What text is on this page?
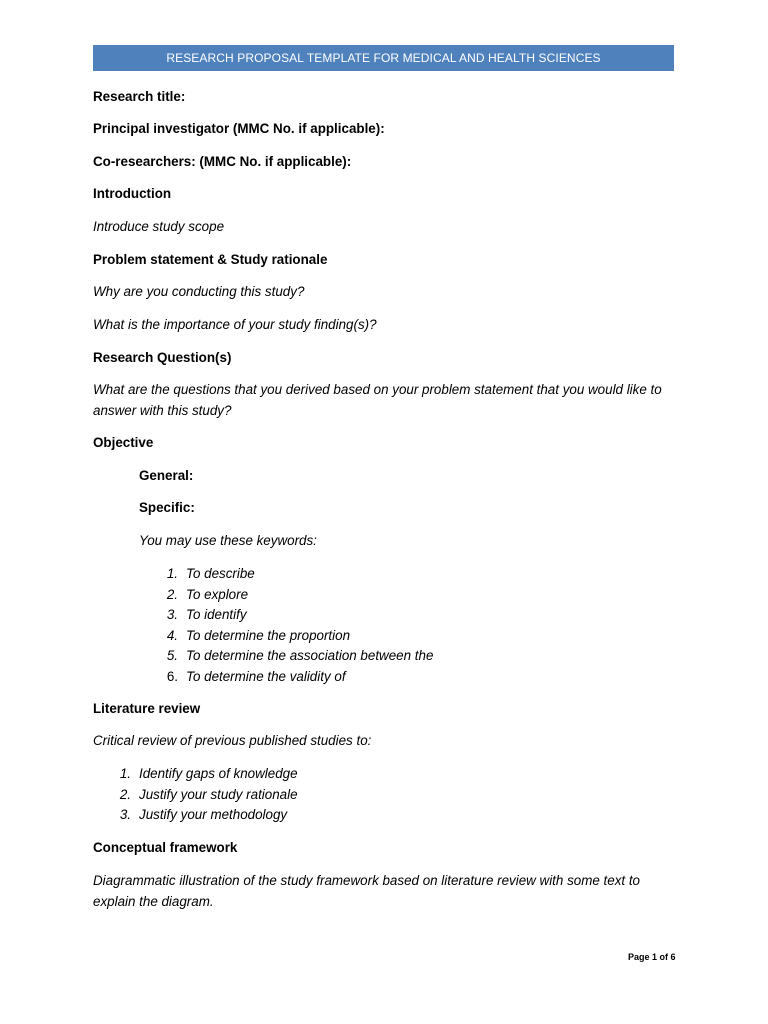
RESEARCH PROPOSAL TEMPLATE FOR MEDICAL AND HEALTH SCIENCES
Research title:
Principal investigator (MMC No. if applicable):
Co-researchers: (MMC No. if applicable):
Introduction
Introduce study scope
Problem statement & Study rationale
Why are you conducting this study?
What is the importance of your study finding(s)?
Research Question(s)
What are the questions that you derived based on your problem statement that you would like to answer with this study?
Objective
General:
Specific:
You may use these keywords:
1. To describe
2. To explore
3. To identify
4. To determine the proportion
5. To determine the association between the
6. To determine the validity of
Literature review
Critical review of previous published studies to:
1. Identify gaps of knowledge
2. Justify your study rationale
3. Justify your methodology
Conceptual framework
Diagrammatic illustration of the study framework based on literature review with some text to explain the diagram.
Page 1 of 6
